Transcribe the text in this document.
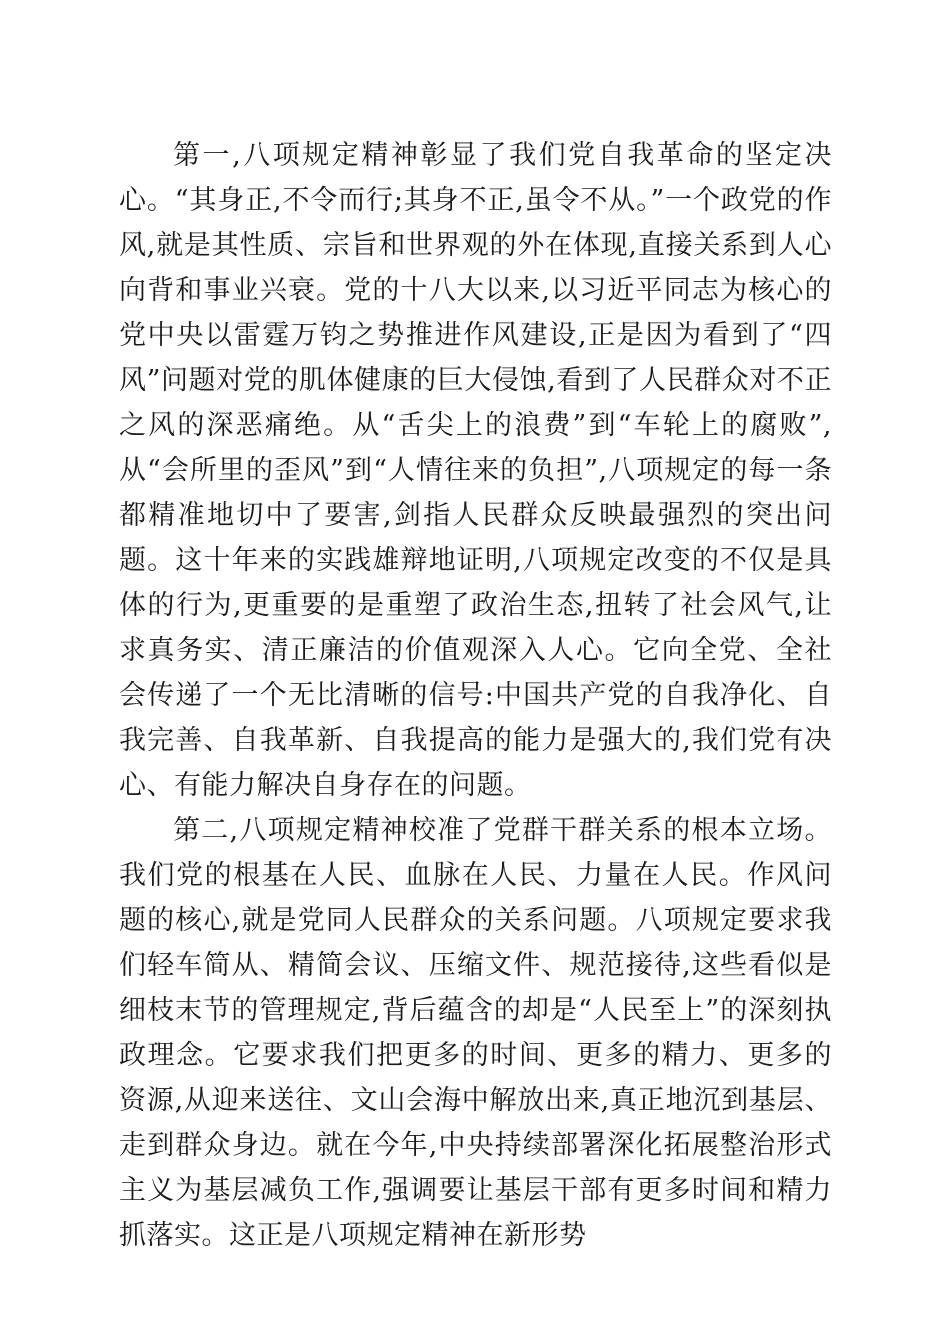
第一,八项规定精神彰显了我们党自我革命的坚定决心。“其身正,不令而行;其身不正,虽令不从。”一个政党的作风,就是其性质、宗旨和世界观的外在体现,直接关系到人心向背和事业兴衰。党的十八大以来,以习近平同志为核心的党中央以雷霆万钧之势推进作风建设,正是因为看到了“四风”问题对党的肌体健康的巨大侵蚀,看到了人民群众对不正之风的深恶痛绝。从“舌尖上的浪费”到“车轮上的腐败”,从“会所里的歪风”到“人情往来的负担”,八项规定的每一条都精准地切中了要害,剑指人民群众反映最强烈的突出问题。这十年来的实践雄辩地证明,八项规定改变的不仅是具体的行为,更重要的是重塑了政治生态,扭转了社会风气,让求真务实、清正廉洁的价值观深入人心。它向全党、全社会传递了一个无比清晰的信号:中国共产党的自我净化、自我完善、自我革新、自我提高的能力是强大的,我们党有决心、有能力解决自身存在的问题。

第二,八项规定精神校准了党群干群关系的根本立场。我们党的根基在人民、血脉在人民、力量在人民。作风问题的核心,就是党同人民群众的关系问题。八项规定要求我们轻车简从、精简会议、压缩文件、规范接待,这些看似是细枝末节的管理规定,背后蕴含的却是“人民至上”的深刻执政理念。它要求我们把更多的时间、更多的精力、更多的资源,从迎来送往、文山会海中解放出来,真正地沉到基层、走到群众身边。就在今年,中央持续部署深化拓展整治形式主义为基层减负工作,强调要让基层干部有更多时间和精力抓落实。这正是八项规定精神在新形势
